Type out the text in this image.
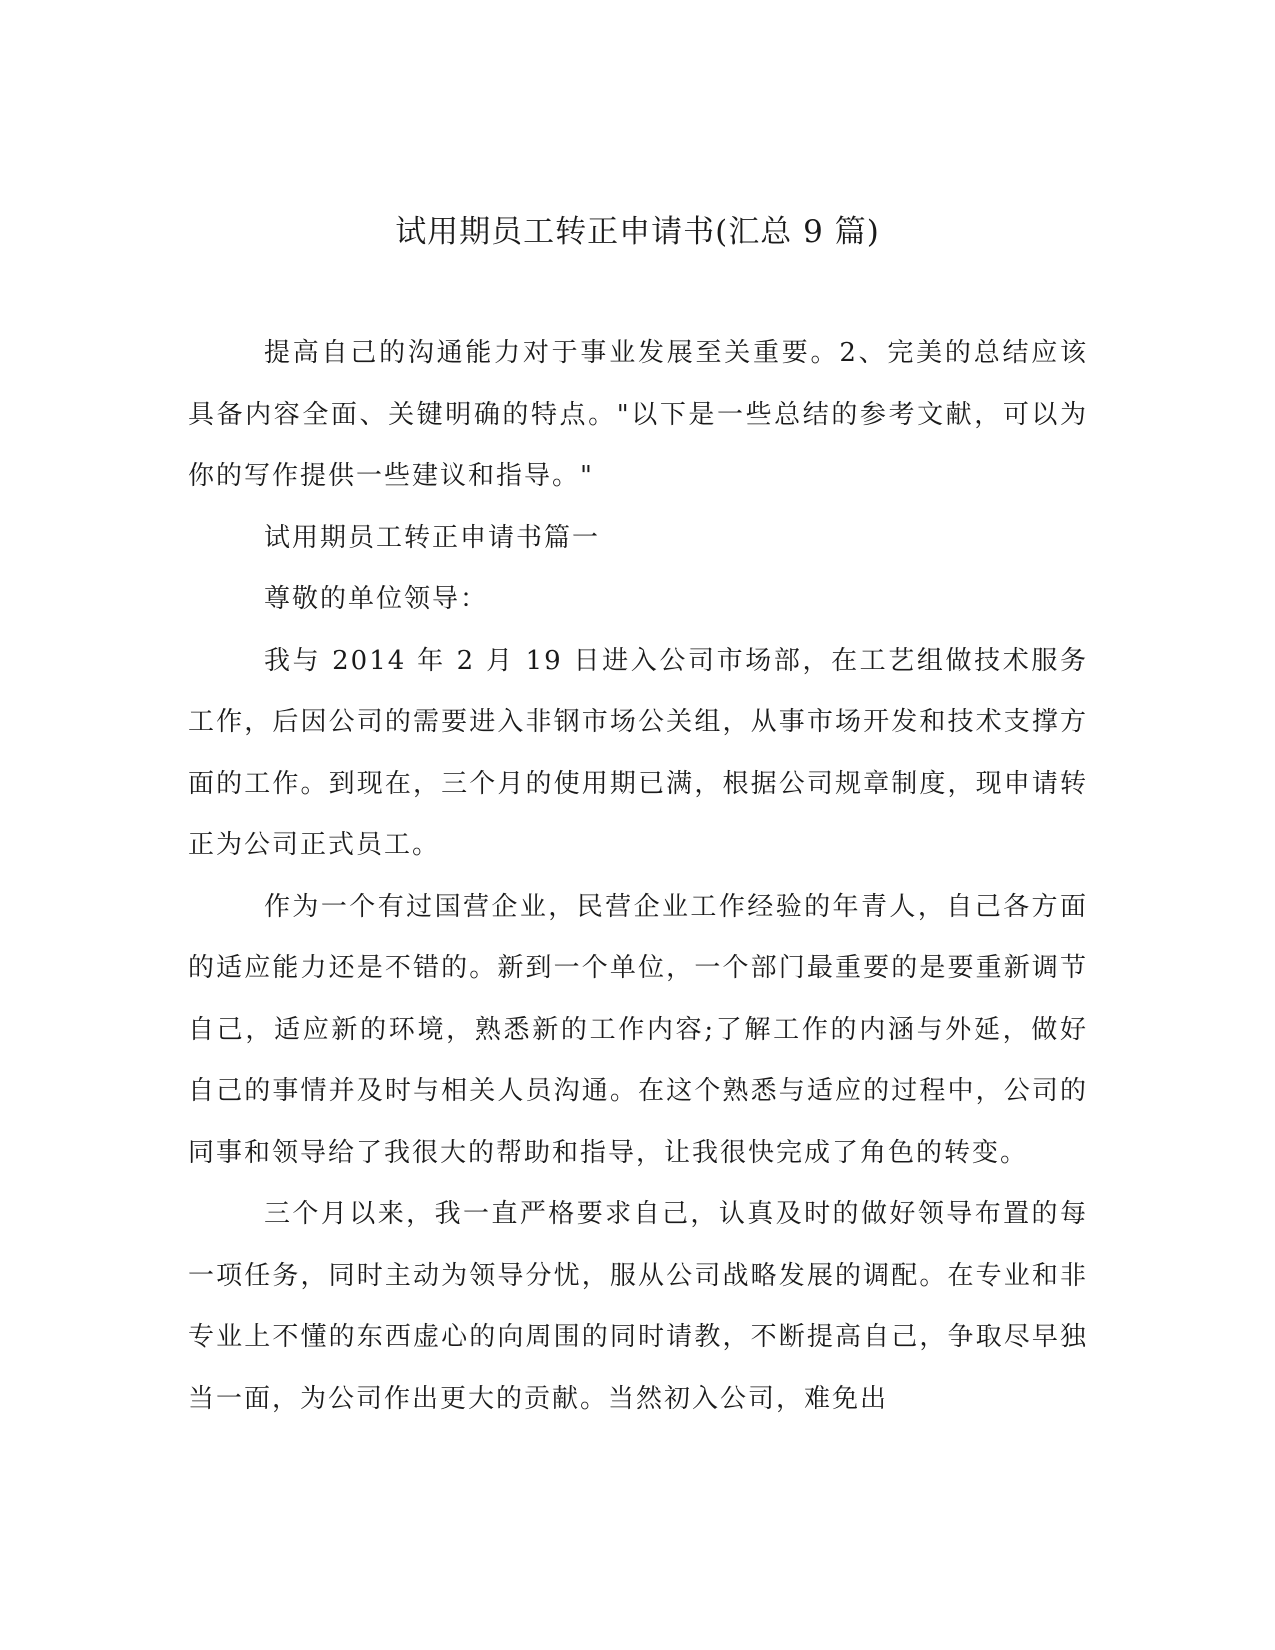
试用期员工转正申请书(汇总 9 篇)

提高自己的沟通能力对于事业发展至关重要。2、完美的总结应该具备内容全面、关键明确的特点。"以下是一些总结的参考文献，可以为你的写作提供一些建议和指导。"

试用期员工转正申请书篇一

尊敬的单位领导：

我与 2014 年 2 月 19 日进入公司市场部，在工艺组做技术服务工作，后因公司的需要进入非钢市场公关组，从事市场开发和技术支撑方面的工作。到现在，三个月的使用期已满，根据公司规章制度，现申请转正为公司正式员工。

作为一个有过国营企业，民营企业工作经验的年青人，自己各方面的适应能力还是不错的。新到一个单位，一个部门最重要的是要重新调节自己，适应新的环境，熟悉新的工作内容;了解工作的内涵与外延，做好自己的事情并及时与相关人员沟通。在这个熟悉与适应的过程中，公司的同事和领导给了我很大的帮助和指导，让我很快完成了角色的转变。

三个月以来，我一直严格要求自己，认真及时的做好领导布置的每一项任务，同时主动为领导分忧，服从公司战略发展的调配。在专业和非专业上不懂的东西虚心的向周围的同时请教，不断提高自己，争取尽早独当一面，为公司作出更大的贡献。当然初入公司，难免出
